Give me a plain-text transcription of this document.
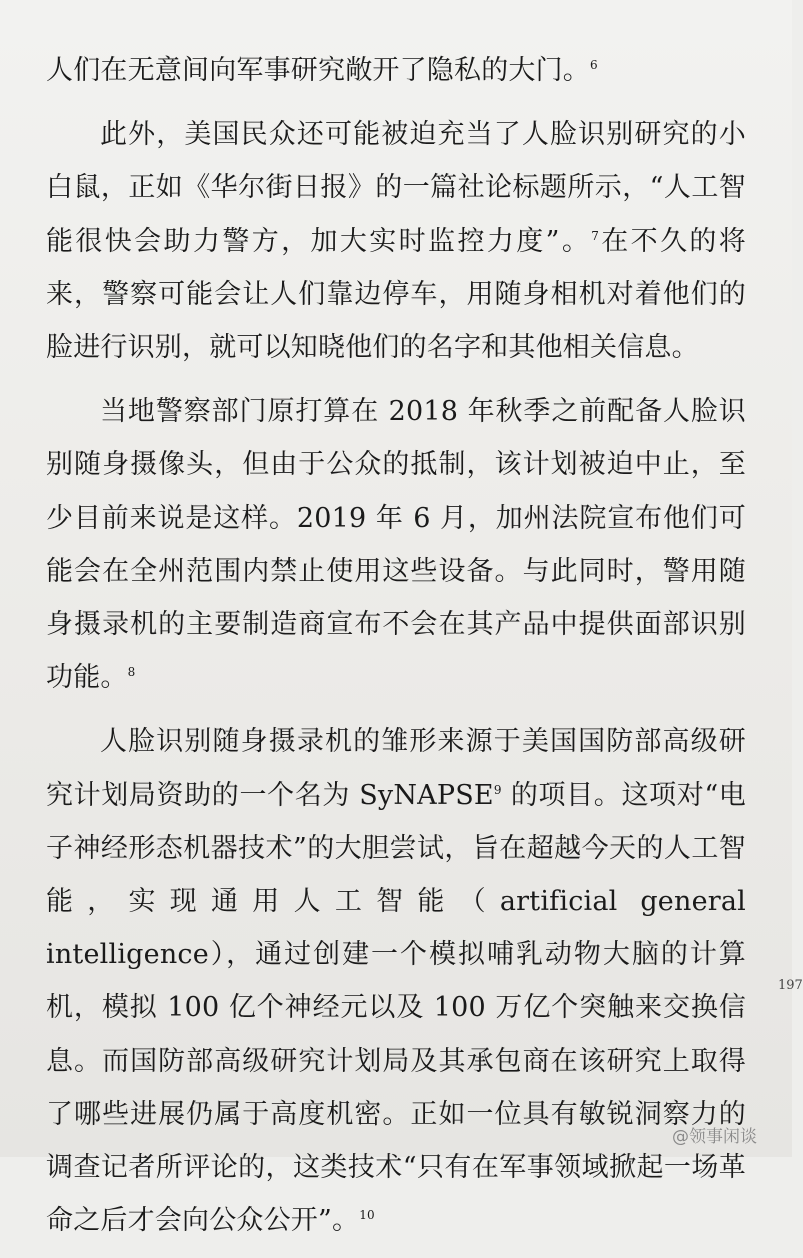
人们在无意间向军事研究敞开了隐私的大门。$^6$

此外，美国民众还可能被迫充当了人脸识别研究的小白鼠，正如《华尔街日报》的一篇社论标题所示，“人工智能很快会助力警方，加大实时监控力度”。$^7$在不久的将来，警察可能会让人们靠边停车，用随身相机对着他们的脸进行识别，就可以知晓他们的名字和其他相关信息。

当地警察部门原打算在 2018 年秋季之前配备人脸识别随身摄像头，但由于公众的抵制，该计划被迫中止，至少目前来说是这样。2019 年 6 月，加州法院宣布他们可能会在全州范围内禁止使用这些设备。与此同时，警用随身摄录机的主要制造商宣布不会在其产品中提供面部识别功能。$^8$

人脸识别随身摄录机的雏形来源于美国国防部高级研究计划局资助的一个名为 SyNAPSE$^9$ 的项目。这项对“电子神经形态机器技术”的大胆尝试，旨在超越今天的人工智能，实现通用人工智能（artificial general intelligence），通过创建一个模拟哺乳动物大脑的计算机，模拟 100 亿个神经元以及 100 万亿个突触来交换信息。而国防部高级研究计划局及其承包商在该研究上取得了哪些进展仍属于高度机密。正如一位具有敏锐洞察力的调查记者所评论的，这类技术“只有在军事领域掀起一场革命之后才会向公众公开”。$^{10}$

197
@领事闲谈
